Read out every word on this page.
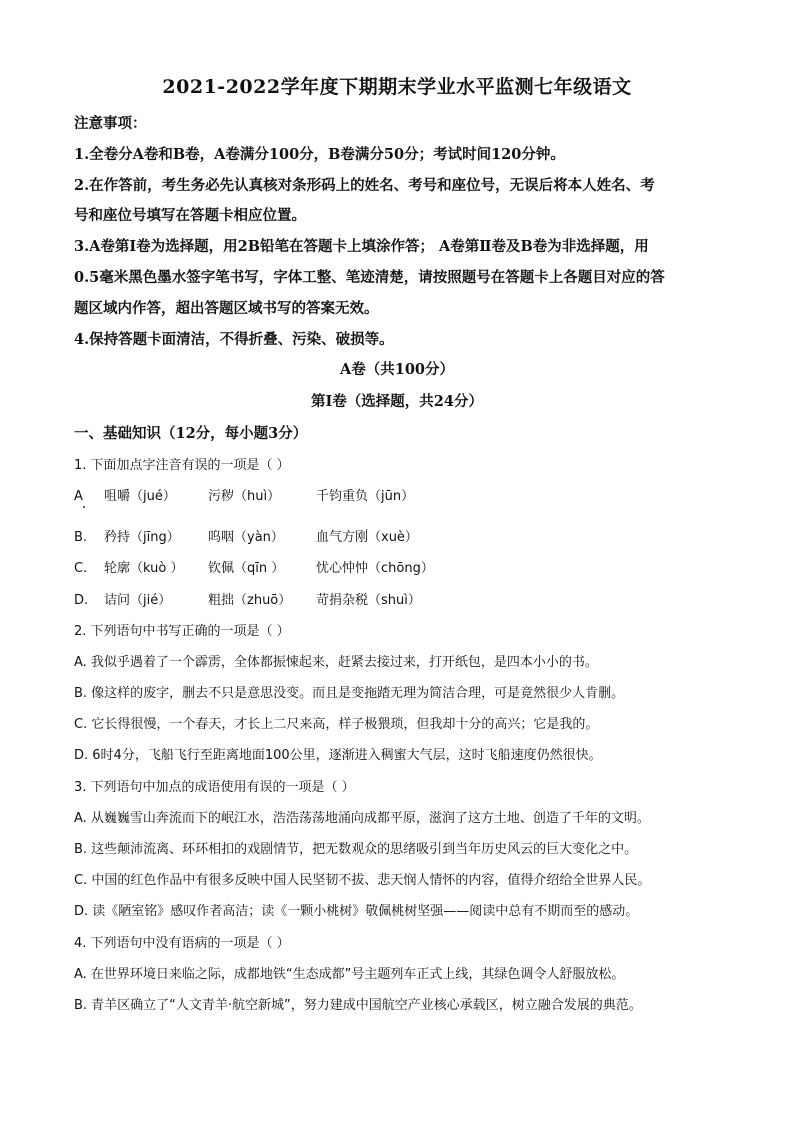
2021-2022学年度下期期末学业水平监测七年级语文
注意事项：
1.全卷分A卷和B卷，A卷满分100分，B卷满分50分；考试时间120分钟。
2.在作答前，考生务必先认真核对条形码上的姓名、考号和座位号，无误后将本人姓名、考
号和座位号填写在答题卡相应位置。
3.A卷第Ⅰ卷为选择题，用2B铅笔在答题卡上填涂作答； A卷第Ⅱ卷及B卷为非选择题，用
0.5毫米黑色墨水签字笔书写，字体工整、笔迹清楚，请按照题号在答题卡上各题目对应的答
题区域内作答，超出答题区域书写的答案无效。
4.保持答题卡面清洁，不得折叠、污染、破损等。
A卷（共100分）
第Ⅰ卷（选择题，共24分）
一、基础知识（12分，每小题3分）
1. 下面加点字注音有误的一项是（ ）
A 咀嚼（jué） 污秽（huì）	千钧重负（jūn）
B. 矜持（jīng） 呜咽（yàn） 血气方刚（xuè）
C. 轮廓（kuò ） 钦佩（qīn ） 忧心忡忡（chōng）
D. 诘问（jié）	粗拙（zhuō） 苛捐杂税（shuì）
2. 下列语句中书写正确的一项是（ ）
A. 我似乎遇着了一个霹雳，全体都振悚起来，赶紧去接过来，打开纸包，是四本小小的书。
B. 像这样的废字，删去不只是意思没变。而且是变拖踏无理为简洁合理，可是竟然很少人肯删。
C. 它长得很慢，一个春天，才长上二尺来高，样子极猥琐，但我却十分的高兴；它是我的。
D. 6时4分，飞船飞行至距离地面100公里，逐渐进入稠蜜大气层，这时飞船速度仍然很快。
3. 下列语句中加点的成语使用有误的一项是（ ）
A. 从巍巍雪山奔流而下的岷江水，浩浩荡荡地涌向成都平原，滋润了这方土地、创造了千年的文明。
B. 这些颠沛流离、环环相扣的戏剧情节，把无数观众的思绪吸引到当年历史风云的巨大变化之中。
C. 中国的红色作品中有很多反映中国人民坚韧不拔、悲天悯人情怀的内容，值得介绍给全世界人民。
D. 读《陋室铭》感叹作者高洁；读《一颗小桃树》敬佩桃树坚强——阅读中总有不期而至的感动。
4. 下列语句中没有语病的一项是（ ）
A. 在世界环境日来临之际，成都地铁“生态成都”号主题列车正式上线，其绿色调令人舒服放松。
B. 青羊区确立了“人文青羊·航空新城”，努力建成中国航空产业核心承载区，树立融合发展的典范。
